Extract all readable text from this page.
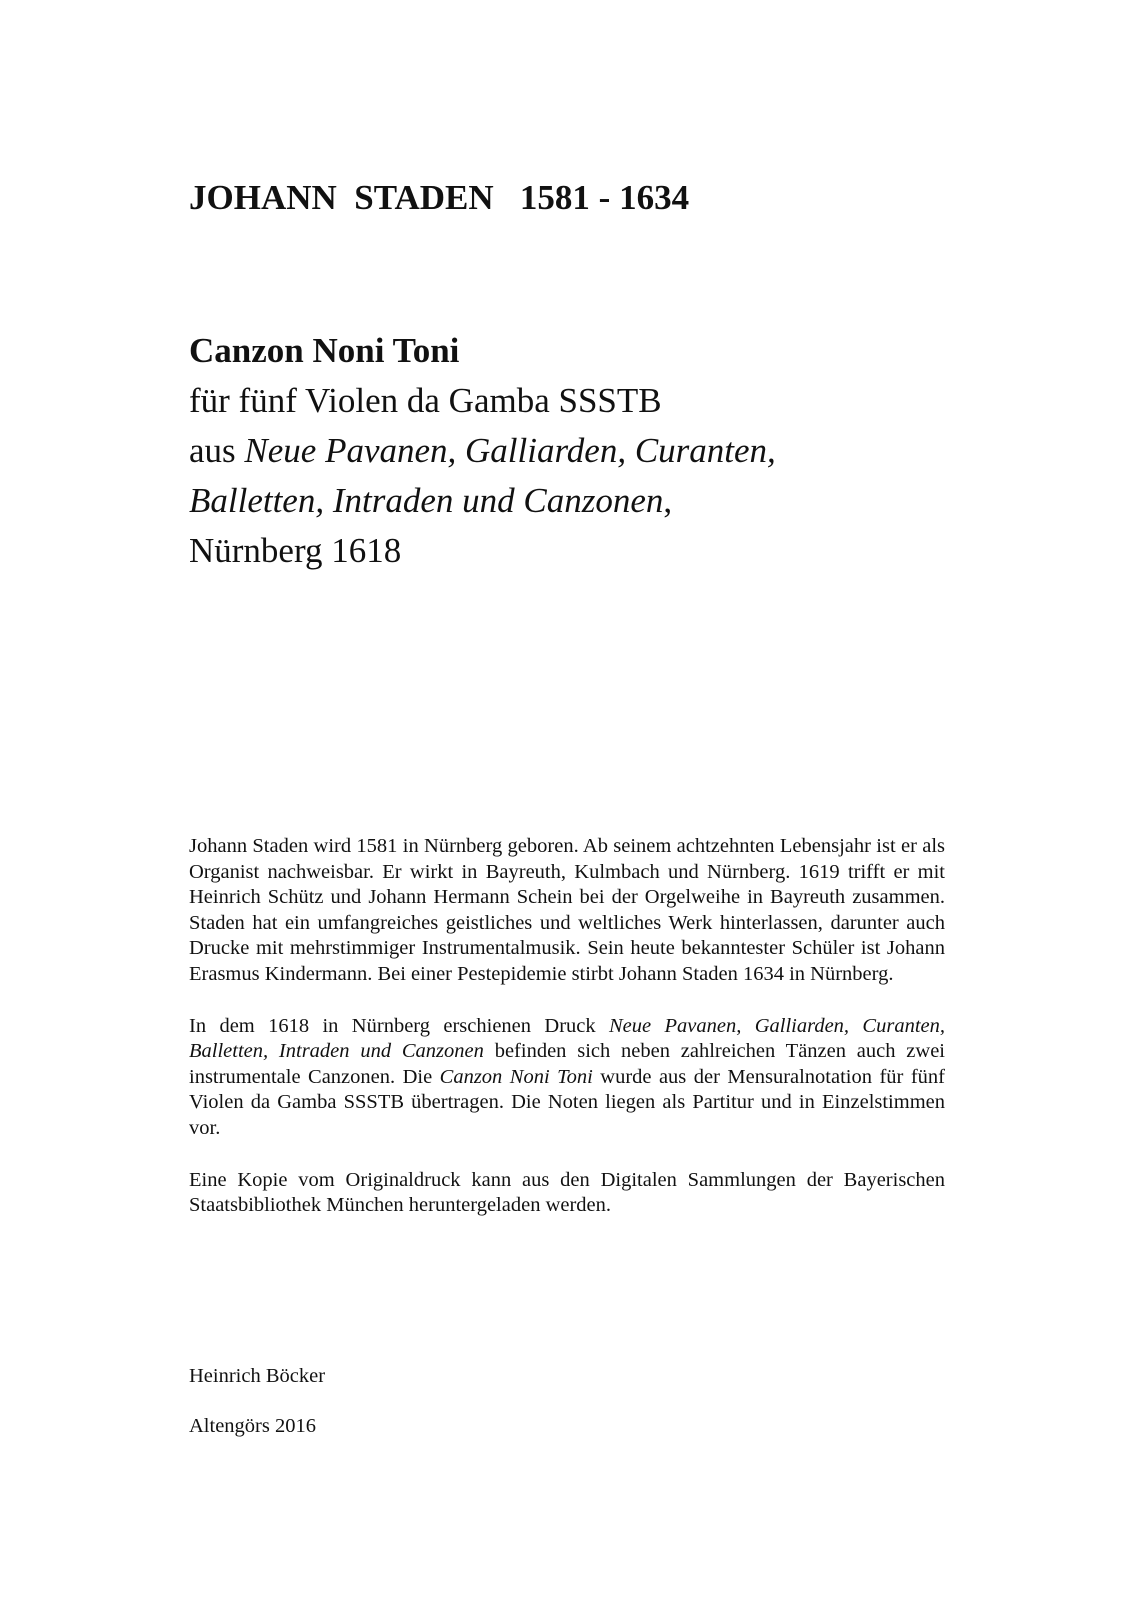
JOHANN  STADEN   1581 - 1634

Canzon Noni Toni

für fünf Violen da Gamba SSSTB

aus Neue Pavanen, Galliarden, Curanten,

Balletten, Intraden und Canzonen,

Nürnberg 1618

Johann Staden wird 1581 in Nürnberg geboren. Ab seinem achtzehnten Lebensjahr ist er als Organist nachweisbar. Er wirkt in Bayreuth, Kulmbach und Nürnberg. 1619 trifft er mit Heinrich Schütz und Johann Hermann Schein bei der Orgelweihe in Bayreuth zusammen. Staden hat ein umfangreiches geistliches und weltliches Werk hinterlassen, darunter auch Drucke mit mehrstimmiger Instrumentalmusik. Sein heute bekanntester Schüler ist Johann Erasmus Kindermann. Bei einer Pestepidemie stirbt Johann Staden 1634 in Nürnberg.

In dem 1618 in Nürnberg erschienen Druck Neue Pavanen, Galliarden, Curanten, Balletten, Intraden und Canzonen befinden sich neben zahlreichen Tänzen auch zwei instrumentale Canzonen. Die Canzon Noni Toni wurde aus der Mensuralnotation für fünf Violen da Gamba SSSTB übertragen. Die Noten liegen als Partitur und in Einzelstimmen vor.

Eine Kopie vom Originaldruck kann aus den Digitalen Sammlungen der Bayerischen Staatsbibliothek München heruntergeladen werden.

Heinrich Böcker

Altengörs 2016
